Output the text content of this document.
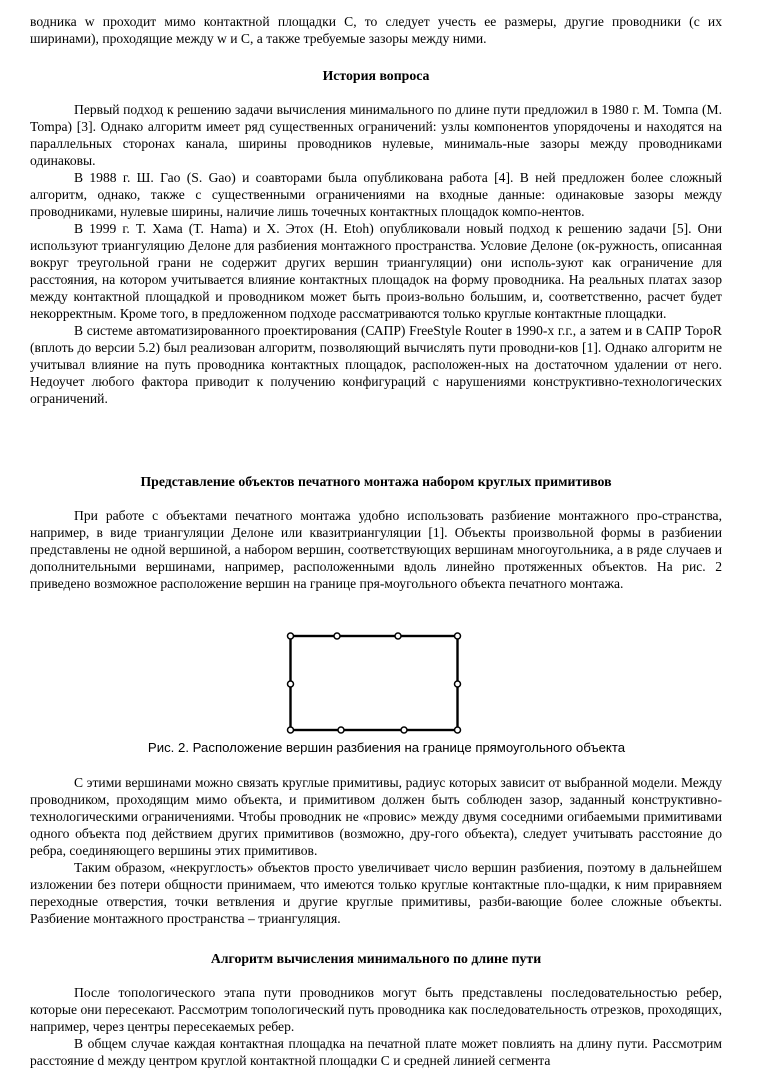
водника w проходит мимо контактной площадки C, то следует учесть ее размеры, другие проводники (с их ширинами), проходящие между w и C, а также требуемые зазоры между ними.

История вопроса

Первый подход к решению задачи вычисления минимального по длине пути предложил в 1980 г. М. Томпа (M. Tompa) [3]. Однако алгоритм имеет ряд существенных ограничений: узлы компонентов упорядочены и находятся на параллельных сторонах канала, ширины проводников нулевые, минималь-ные зазоры между проводниками одинаковы.

В 1988 г. Ш. Гао (S. Gao) и соавторами была опубликована работа [4]. В ней предложен более сложный алгоритм, однако, также с существенными ограничениями на входные данные: одинаковые зазоры между проводниками, нулевые ширины, наличие лишь точечных контактных площадок компо-нентов.

В 1999 г. Т. Хама (T. Hama) и Х. Этох (H. Etoh) опубликовали новый подход к решению задачи [5]. Они используют триангуляцию Делоне для разбиения монтажного пространства. Условие Делоне (ок-ружность, описанная вокруг треугольной грани не содержит других вершин триангуляции) они исполь-зуют как ограничение для расстояния, на котором учитывается влияние контактных площадок на форму проводника. На реальных платах зазор между контактной площадкой и проводником может быть произ-вольно большим, и, соответственно, расчет будет некорректным. Кроме того, в предложенном подходе рассматриваются только круглые контактные площадки.

В системе автоматизированного проектирования (САПР) FreeStyle Router в 1990-х г.г., а затем и в САПР TopoR (вплоть до версии 5.2) был реализован алгоритм, позволяющий вычислять пути проводни-ков [1]. Однако алгоритм не учитывал влияние на путь проводника контактных площадок, расположен-ных на достаточном удалении от него. Недоучет любого фактора приводит к получению конфигураций с нарушениями конструктивно-технологических ограничений.

Представление объектов печатного монтажа набором круглых примитивов

При работе с объектами печатного монтажа удобно использовать разбиение монтажного про-странства, например, в виде триангуляции Делоне или квазитриангуляции [1]. Объекты произвольной формы в разбиении представлены не одной вершиной, а набором вершин, соответствующих вершинам многоугольника, а в ряде случаев и дополнительными вершинами, например, расположенными вдоль линейно протяженных объектов. На рис. 2 приведено возможное расположение вершин на границе пря-моугольного объекта печатного монтажа.

Рис. 2. Расположение вершин разбиения на границе прямоугольного объекта

С этими вершинами можно связать круглые примитивы, радиус которых зависит от выбранной модели. Между проводником, проходящим мимо объекта, и примитивом должен быть соблюден зазор, заданный конструктивно-технологическими ограничениями. Чтобы проводник не «провис» между двумя соседними огибаемыми примитивами одного объекта под действием других примитивов (возможно, дру-гого объекта), следует учитывать расстояние до ребра, соединяющего вершины этих примитивов.

Таким образом, «некруглость» объектов просто увеличивает число вершин разбиения, поэтому в дальнейшем изложении без потери общности принимаем, что имеются только круглые контактные пло-щадки, к ним приравняем переходные отверстия, точки ветвления и другие круглые примитивы, разби-вающие более сложные объекты. Разбиение монтажного пространства – триангуляция.

Алгоритм вычисления минимального по длине пути

После топологического этапа пути проводников могут быть представлены последовательностью ребер, которые они пересекают. Рассмотрим топологический путь проводника как последовательность отрезков, проходящих, например, через центры пересекаемых ребер.

В общем случае каждая контактная площадка на печатной плате может повлиять на длину пути. Рассмотрим расстояние d между центром круглой контактной площадки C и средней линией сегмента
